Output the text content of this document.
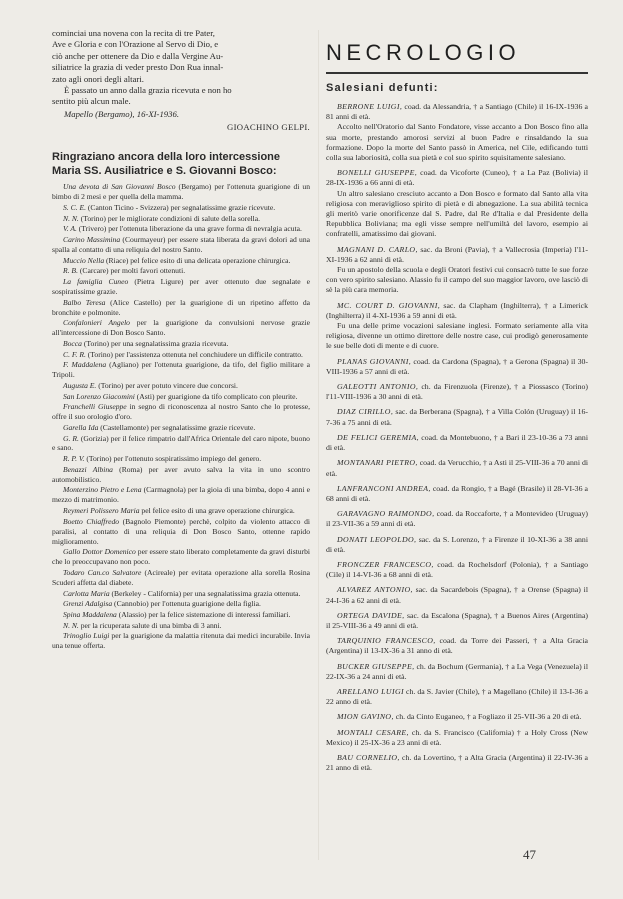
cominciai una novena con la recita di tre Pater,

Ave e Gloria e con l'Orazione al Servo di Dio, e

ciò anche per ottenere da Dio e dalla Vergine Au-

siliatrice la grazia di veder presto Don Rua innal-

zato agli onori degli altari.

È passato un anno dalla grazia ricevuta e non ho

sentito più alcun male.

Mapello (Bergamo), 16-XI-1936.

GIOACHINO GELPI.

Ringraziano ancora della loro intercessione Maria SS. Ausiliatrice e S. Giovanni Bosco:

Una devota di San Giovanni Bosco (Bergamo) per l'ottenuta guarigione di un bimbo di 2 mesi e per quella della mamma.

S. C. E. (Canton Ticino - Svizzera) per segnalatissime grazie ricevute.

N. N. (Torino) per le migliorate condizioni di salute della sorella.

V. A. (Trivero) per l'ottenuta liberazione da una grave forma di nevralgia acuta.

Carino Massimina (Courmayeur) per essere stata liberata da gravi dolori ad una spalla al contatto di una reliquia del nostro Santo.

Muccio Nella (Riace) pel felice esito di una delicata operazione chirurgica.

R. B. (Carcare) per molti favori ottenuti.

La famiglia Cuneo (Pietra Ligure) per aver ottenuto due segnalate e sospiratissime grazie.

Balbo Teresa (Alice Castello) per la guarigione di un ripetino affetto da bronchite e polmonite.

Confalonieri Angelo per la guarigione da convulsioni nervose grazie all'intercessione di Don Bosco Santo.

Bocca (Torino) per una segnalatissima grazia ricevuta.

C. F. R. (Torino) per l'assistenza ottenuta nel conchiudere un difficile contratto.

F. Maddalena (Agliano) per l'ottenuta guarigione, da tifo, del figlio militare a Tripoli.

Augusta E. (Torino) per aver potuto vincere due concorsi.

San Lorenzo Giacomini (Asti) per guarigione da tifo complicato con pleurite.

Franchelli Giuseppe in segno di riconoscenza al nostro Santo che lo protesse, offre il suo orologio d'oro.

Garella Ida (Castellamonte) per segnalatissime grazie ricevute.

G. R. (Gorizia) per il felice rimpatrio dall'Africa Orientale del caro nipote, buono e sano.

R. P. V. (Torino) per l'ottenuto sospiratissimo impiego del genero.

Benazzi Albina (Roma) per aver avuto salva la vita in uno scontro automobilistico.

Monterzino Pietro e Lena (Carmagnola) per la gioia di una bimba, dopo 4 anni e mezzo di matrimonio.

Reymeri Polissero Maria pel felice esito di una grave operazione chirurgica.

Boetto Chiaffredo (Bagnolo Piemonte) perchè, colpito da violento attacco di paralisi, al contatto di una reliquia di Don Bosco Santo, ottenne rapido miglioramento.

Gallo Dottor Domenico per essere stato liberato completamente da gravi disturbi che lo preoccupavano non poco.

Todaro Can.co Salvatore (Acireale) per evitata operazione alla sorella Rosina Scuderi affetta dal diabete.

Carlotta Maria (Berkeley - California) per una segnalatissima grazia ottenuta.

Grenzi Adalgisa (Cannobio) per l'ottenuta guarigione della figlia.

Spina Maddalena (Alassio) per la felice sistemazione di interessi familiari.

N. N. per la ricuperata salute di una bimba di 3 anni.

Trinoglio Luigi per la guarigione da malattia ritenuta dai medici incurabile. Invia una tenue offerta.

NECROLOGIO
Salesiani defunti:

BERRONE LUIGI, coad. da Alessandria, † a Santiago (Chile) il 16-IX-1936 a 81 anni di età.
Accolto nell'Oratorio dal Santo Fondatore, visse accanto a Don Bosco fino alla sua morte, prestando amorosi servizi al buon Padre e rinsaldando la sua formazione. Dopo la morte del Santo passò in America, nel Cile, edificando tutti colla sua laboriosità, colla sua pietà e col suo spirito squisitamente salesiano.

BONELLI GIUSEPPE, coad. da Vicoforte (Cuneo), † a La Paz (Bolivia) il 28-IX-1936 a 66 anni di età.
Un altro salesiano cresciuto accanto a Don Bosco e formato dal Santo alla vita religiosa con meraviglioso spirito di pietà e di abnegazione. La sua abilità tecnica gli meritò varie onorificenze dal S. Padre, dal Re d'Italia e dal Presidente della Repubblica Boliviana; ma egli visse sempre nell'umiltà del lavoro, esempio ai confratelli, amatissimo dai giovani.

MAGNANI D. CARLO, sac. da Broni (Pavia), † a Vallecrosia (Imperia) l'11-XI-1936 a 62 anni di età.
Fu un apostolo della scuola e degli Oratori festivi cui consacrò tutte le sue forze con vero spirito salesiano. Alassio fu il campo del suo maggior lavoro, ove lasciò di sè la più cara memoria.

MC. COURT D. GIOVANNI, sac. da Clapham (Inghilterra), † a Limerick (Inghilterra) il 4-XI-1936 a 59 anni di età.
Fu una delle prime vocazioni salesiane inglesi. Formato seriamente alla vita religiosa, divenne un ottimo direttore delle nostre case, cui prodigò generosamente le sue belle doti di mente e di cuore.

PLANAS GIOVANNI, coad. da Cardona (Spagna), † a Gerona (Spagna) il 30-VIII-1936 a 57 anni di età.

GALEOTTI ANTONIO, ch. da Firenzuola (Firenze), † a Piossasco (Torino) l'11-VIII-1936 a 30 anni di età.

DIAZ CIRILLO, sac. da Berberana (Spagna), † a Villa Colón (Uruguay) il 16-7-36 a 75 anni di età.

DE FELICI GEREMIA, coad. da Montebuono, † a Bari il 23-10-36 a 73 anni di età.

MONTANARI PIETRO, coad. da Verucchio, † a Asti il 25-VIII-36 a 70 anni di età.

LANFRANCONI ANDREA, coad. da Rongio, † a Bagé (Brasile) il 28-VI-36 a 68 anni di età.

GARAVAGNO RAIMONDO, coad. da Roccaforte, † a Montevideo (Uruguay) il 23-VII-36 a 59 anni di età.

DONATI LEOPOLDO, sac. da S. Lorenzo, † a Firenze il 10-XI-36 a 38 anni di età.

FRONCZER FRANCESCO, coad. da Rochelsdorf (Polonia), † a Santiago (Cile) il 14-VI-36 a 68 anni di età.

ALVAREZ ANTONIO, sac. da Sacardebois (Spagna), † a Orense (Spagna) il 24-I-36 a 62 anni di età.

ORTEGA DAVIDE, sac. da Escalona (Spagna), † a Buenos Aires (Argentina) il 25-VIII-36 a 49 anni di età.

TARQUINIO FRANCESCO, coad. da Torre dei Passeri, † a Alta Gracia (Argentina) il 13-IX-36 a 31 anno di età.

BUCKER GIUSEPPE, ch. da Bochum (Germania), † a La Vega (Venezuela) il 22-IX-36 a 24 anni di età.

ARELLANO LUIGI ch. da S. Javier (Chile), † a Magellano (Chile) il 13-I-36 a 22 anno di età.

MION GAVINO, ch. da Cinto Euganeo, † a Fogliazo il 25-VII-36 a 20 di età.

MONTALI CESARE, ch. da S. Francisco (California) † a Holy Cross (New Mexico) il 25-IX-36 a 23 anni di età.

BAU CORNELIO, ch. da Lovertino, † a Alta Gracia (Argentina) il 22-IV-36 a 21 anno di età.

47
